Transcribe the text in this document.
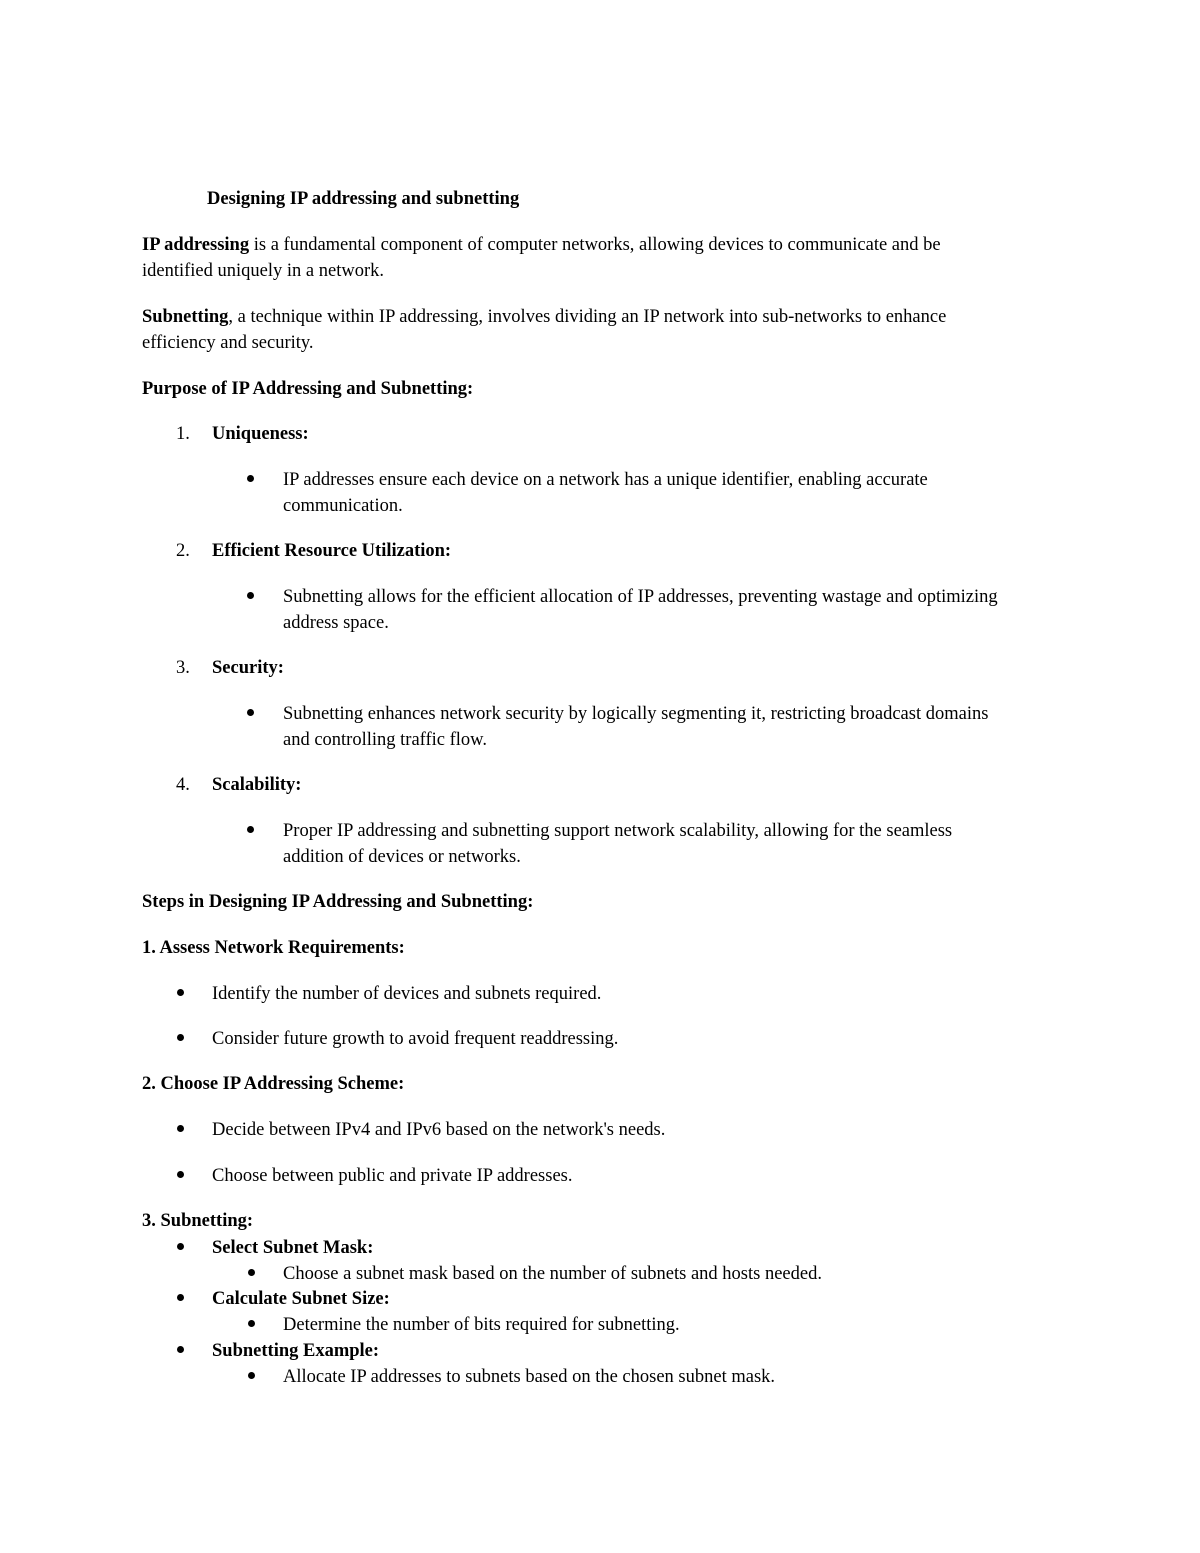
Designing IP addressing and subnetting
IP addressing is a fundamental component of computer networks, allowing devices to communicate and be
identified uniquely in a network.
Subnetting, a technique within IP addressing, involves dividing an IP network into sub-networks to enhance
efficiency and security.
Purpose of IP Addressing and Subnetting:
1. Uniqueness:
IP addresses ensure each device on a network has a unique identifier, enabling accurate
communication.
2. Efficient Resource Utilization:
Subnetting allows for the efficient allocation of IP addresses, preventing wastage and optimizing
address space.
3. Security:
Subnetting enhances network security by logically segmenting it, restricting broadcast domains
and controlling traffic flow.
4. Scalability:
Proper IP addressing and subnetting support network scalability, allowing for the seamless
addition of devices or networks.
Steps in Designing IP Addressing and Subnetting:
1. Assess Network Requirements:
Identify the number of devices and subnets required.
Consider future growth to avoid frequent readdressing.
2. Choose IP Addressing Scheme:
Decide between IPv4 and IPv6 based on the network's needs.
Choose between public and private IP addresses.
3. Subnetting:
Select Subnet Mask:
Choose a subnet mask based on the number of subnets and hosts needed.
Calculate Subnet Size:
Determine the number of bits required for subnetting.
Subnetting Example:
Allocate IP addresses to subnets based on the chosen subnet mask.
